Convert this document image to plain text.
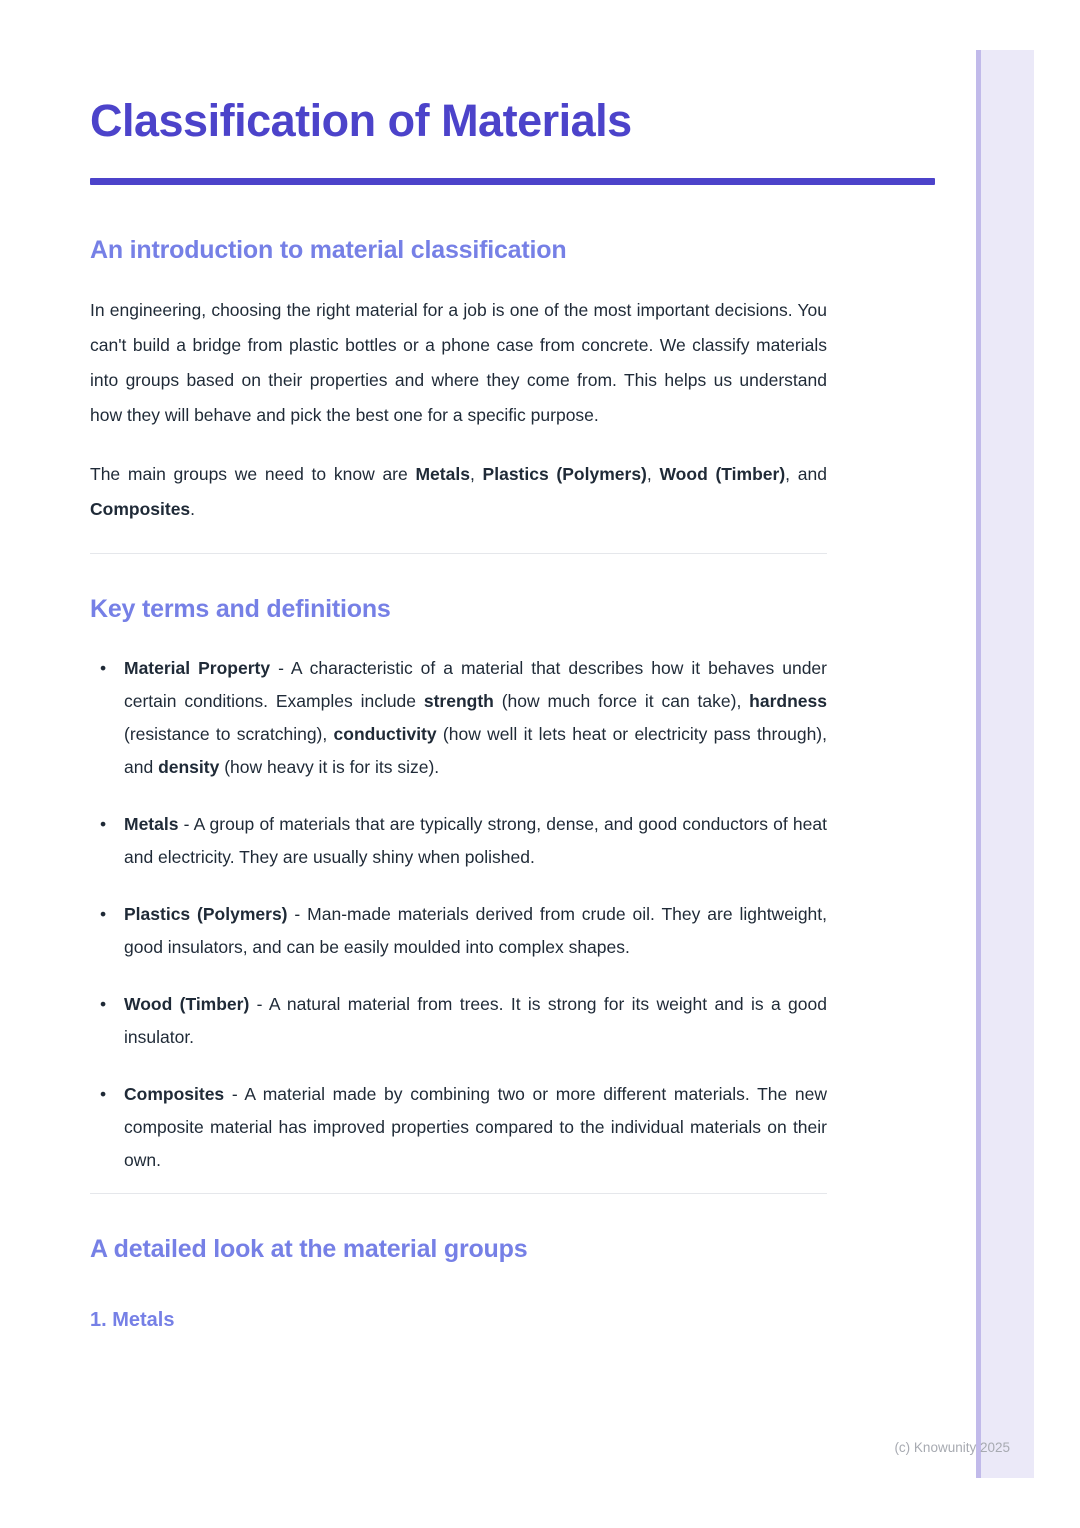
Classification of Materials
An introduction to material classification

In engineering, choosing the right material for a job is one of the most important decisions. You can't build a bridge from plastic bottles or a phone case from concrete. We classify materials into groups based on their properties and where they come from. This helps us understand how they will behave and pick the best one for a specific purpose.

The main groups we need to know are Metals, Plastics (Polymers), Wood (Timber), and Composites.

Key terms and definitions
• Material Property - A characteristic of a material that describes how it behaves under certain conditions. Examples include strength (how much force it can take), hardness (resistance to scratching), conductivity (how well it lets heat or electricity pass through), and density (how heavy it is for its size).
• Metals - A group of materials that are typically strong, dense, and good conductors of heat and electricity. They are usually shiny when polished.
• Plastics (Polymers) - Man-made materials derived from crude oil. They are lightweight, good insulators, and can be easily moulded into complex shapes.
• Wood (Timber) - A natural material from trees. It is strong for its weight and is a good insulator.
• Composites - A material made by combining two or more different materials. The new composite material has improved properties compared to the individual materials on their own.
A detailed look at the material groups
1. Metals
(c) Knowunity 2025
